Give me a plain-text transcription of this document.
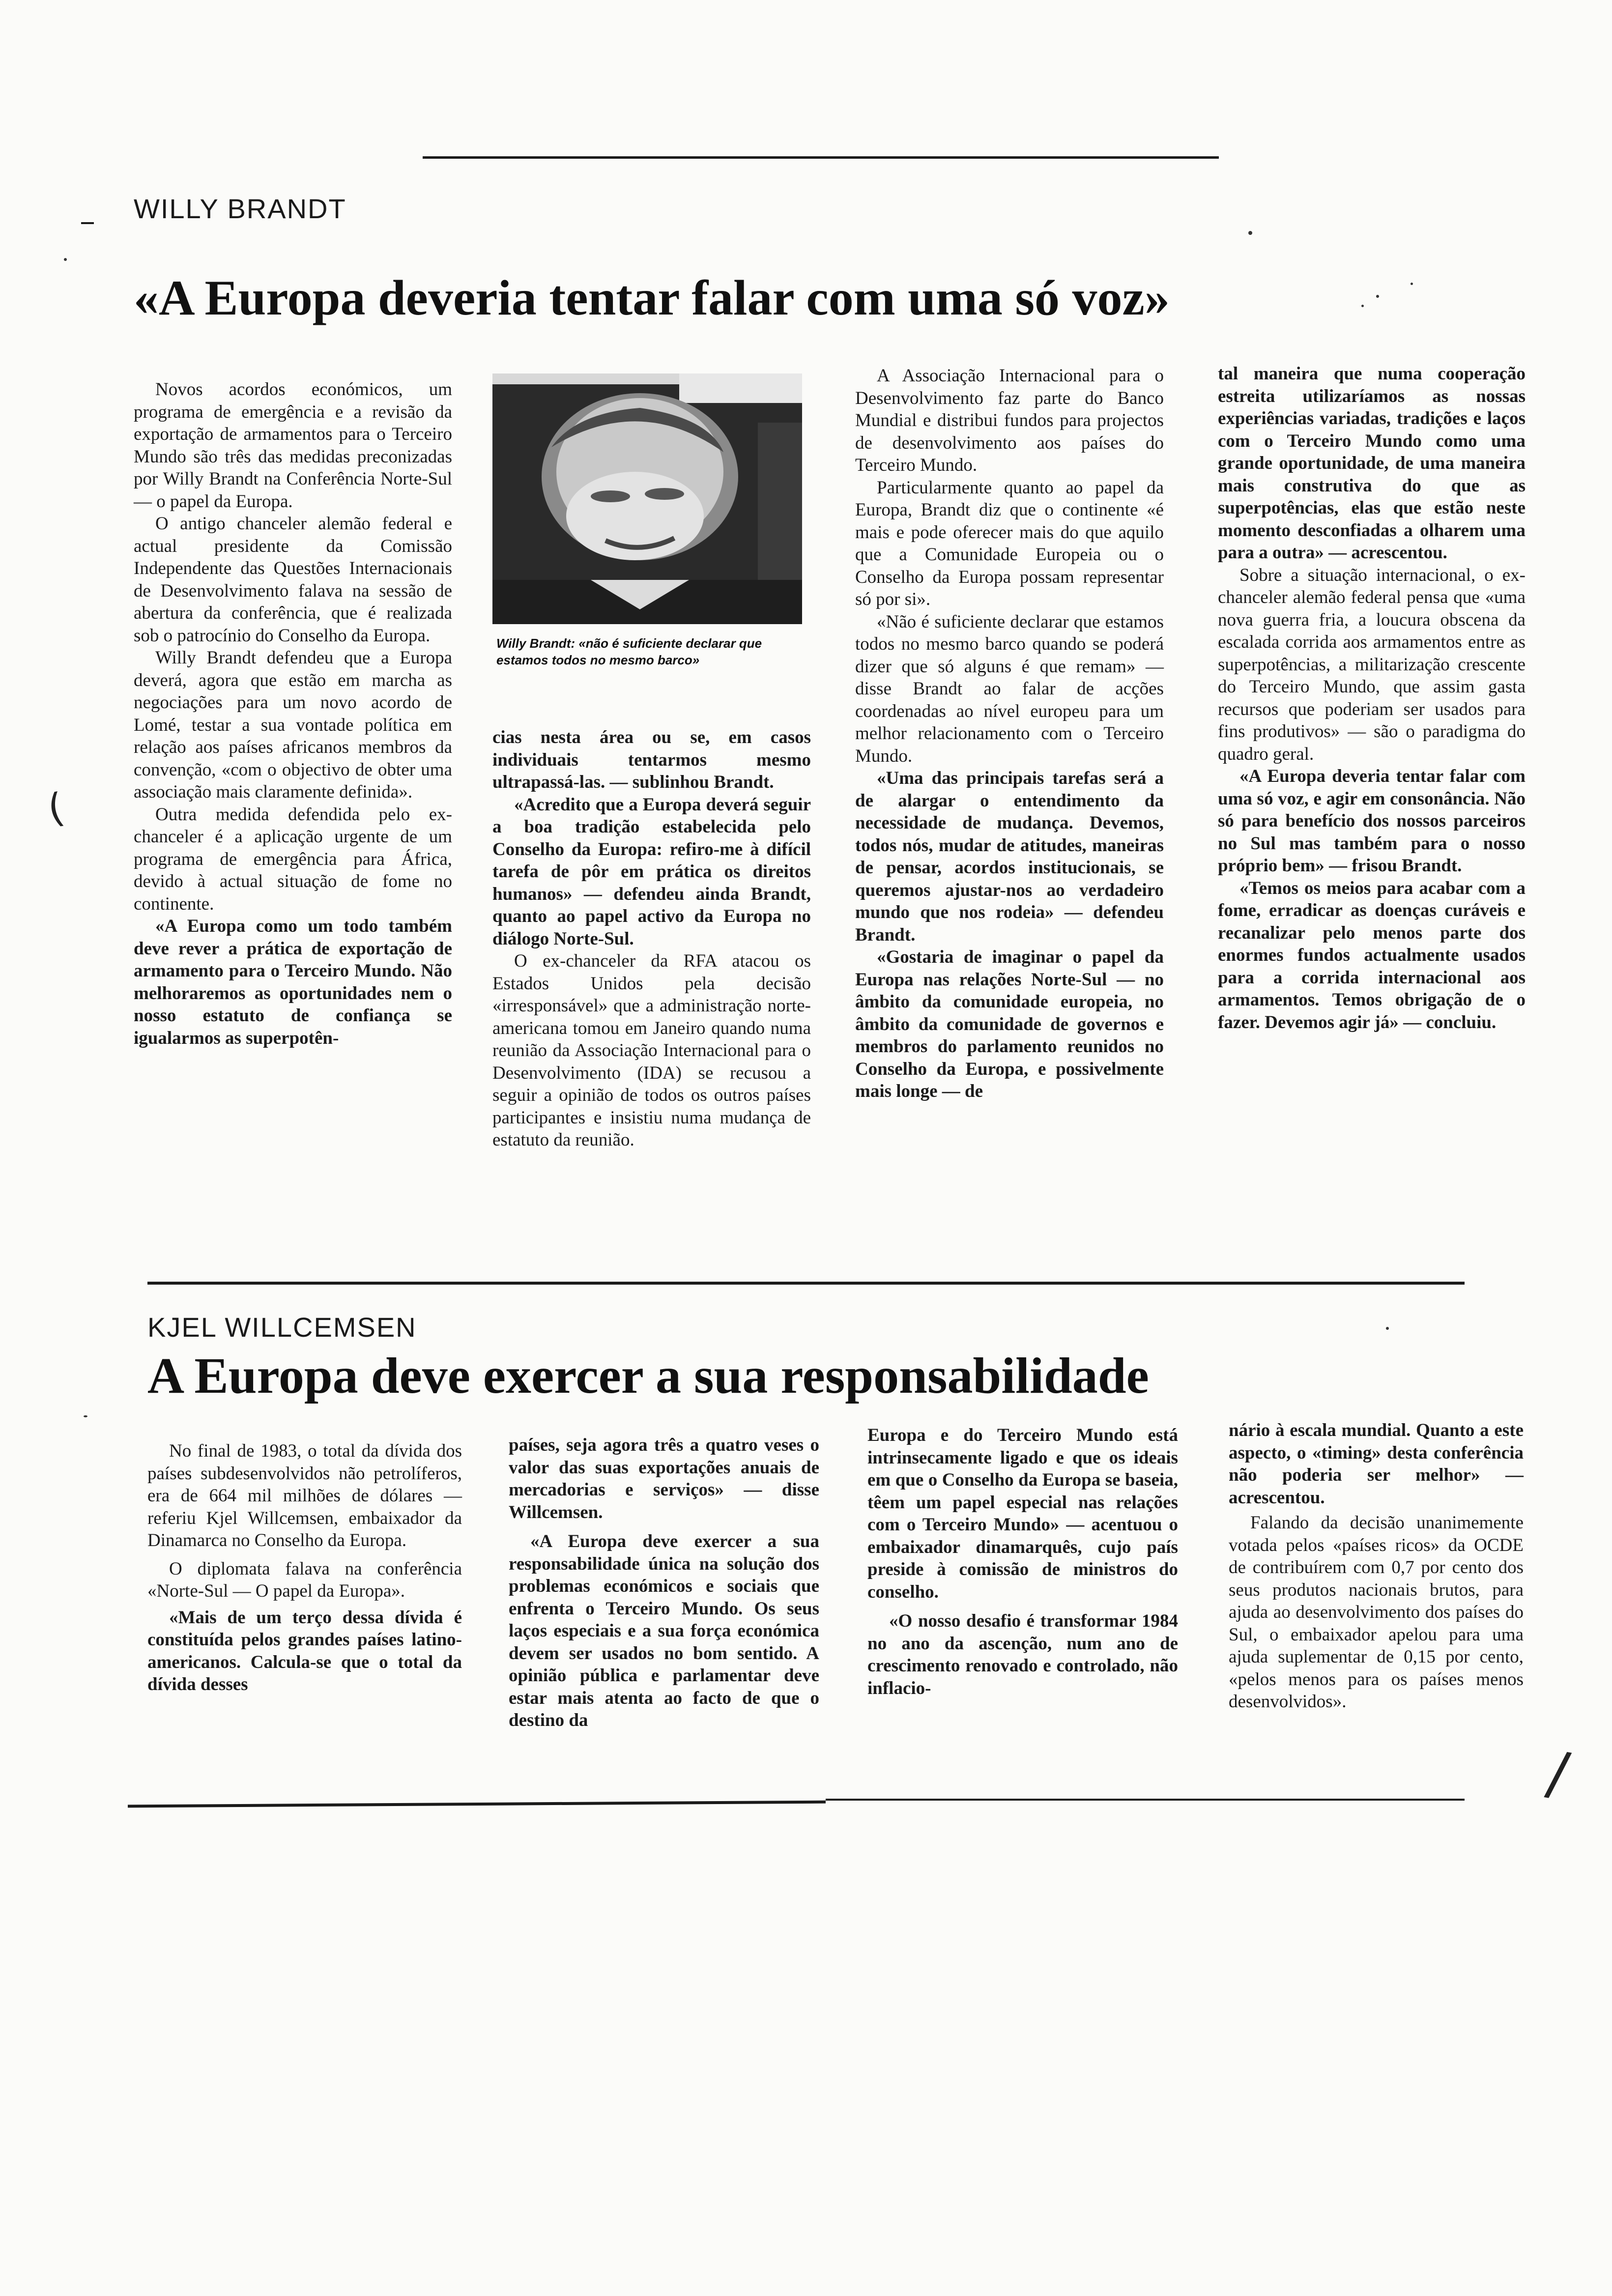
WILLY BRANDT
«A Europa deveria tentar falar com uma só voz»

Novos acordos económicos, um programa de emergência e a revisão da exportação de armamentos para o Terceiro Mundo são três das medidas preconizadas por Willy Brandt na Conferência Norte-Sul — o papel da Europa.

O antigo chanceler alemão federal e actual presidente da Comissão Independente das Questões Internacionais de Desenvolvimento falava na sessão de abertura da conferência, que é realizada sob o patrocínio do Conselho da Europa.

Willy Brandt defendeu que a Europa deverá, agora que estão em marcha as negociações para um novo acordo de Lomé, testar a sua vontade política em relação aos países africanos membros da convenção, «com o objectivo de obter uma associação mais claramente definida».

Outra medida defendida pelo ex-chanceler é a aplicação urgente de um programa de emergência para África, devido à actual situação de fome no continente.

«A Europa como um todo também deve rever a prática de exportação de armamento para o Terceiro Mundo. Não melhoraremos as oportunidades nem o nosso estatuto de confiança se igualarmos as superpotên-

Willy Brandt: «não é suficiente declarar que estamos todos no mesmo barco»

cias nesta área ou se, em casos individuais tentarmos mesmo ultrapassá-las. — sublinhou Brandt.

«Acredito que a Europa deverá seguir a boa tradição estabelecida pelo Conselho da Europa: refiro-me à difícil tarefa de pôr em prática os direitos humanos» — defendeu ainda Brandt, quanto ao papel activo da Europa no diálogo Norte-Sul.

O ex-chanceler da RFA atacou os Estados Unidos pela decisão «irresponsável» que a administração norte-americana tomou em Janeiro quando numa reunião da Associação Internacional para o Desenvolvimento (IDA) se recusou a seguir a opinião de todos os outros países participantes e insistiu numa mudança de estatuto da reunião.

A Associação Internacional para o Desenvolvimento faz parte do Banco Mundial e distribui fundos para projectos de desenvolvimento aos países do Terceiro Mundo.

Particularmente quanto ao papel da Europa, Brandt diz que o continente «é mais e pode oferecer mais do que aquilo que a Comunidade Europeia ou o Conselho da Europa possam representar só por si».

«Não é suficiente declarar que estamos todos no mesmo barco quando se poderá dizer que só alguns é que remam» — disse Brandt ao falar de acções coordenadas ao nível europeu para um melhor relacionamento com o Terceiro Mundo.

«Uma das principais tarefas será a de alargar o entendimento da necessidade de mudança. Devemos, todos nós, mudar de atitudes, maneiras de pensar, acordos institucionais, se queremos ajustar-nos ao verdadeiro mundo que nos rodeia» — defendeu Brandt.

«Gostaria de imaginar o papel da Europa nas relações Norte-Sul — no âmbito da comunidade europeia, no âmbito da comunidade de governos e membros do parlamento reunidos no Conselho da Europa, e possivelmente mais longe — de

tal maneira que numa cooperação estreita utilizaríamos as nossas experiências variadas, tradições e laços com o Terceiro Mundo como uma grande oportunidade, de uma maneira mais construtiva do que as superpotências, elas que estão neste momento desconfiadas a olharem uma para a outra» — acrescentou.

Sobre a situação internacional, o ex-chanceler alemão federal pensa que «uma nova guerra fria, a loucura obscena da escalada corrida aos armamentos entre as superpotências, a militarização crescente do Terceiro Mundo, que assim gasta recursos que poderiam ser usados para fins produtivos» — são o paradigma do quadro geral.

«A Europa deveria tentar falar com uma só voz, e agir em consonância. Não só para benefício dos nossos parceiros no Sul mas também para o nosso próprio bem» — frisou Brandt.

«Temos os meios para acabar com a fome, erradicar as doenças curáveis e recanalizar pelo menos parte dos enormes fundos actualmente usados para a corrida internacional aos armamentos. Temos obrigação de o fazer. Devemos agir já» — concluiu.

KJEL WILLCEMSEN
A Europa deve exercer a sua responsabilidade

No final de 1983, o total da dívida dos países subdesenvolvidos não petrolíferos, era de 664 mil milhões de dólares — referiu Kjel Willcemsen, embaixador da Dinamarca no Conselho da Europa.

O diplomata falava na conferência «Norte-Sul — O papel da Europa».

«Mais de um terço dessa dívida é constituída pelos grandes países latino-americanos. Calcula-se que o total da dívida desses

países, seja agora três a quatro veses o valor das suas exportações anuais de mercadorias e serviços» — disse Willcemsen.

«A Europa deve exercer a sua responsabilidade única na solução dos problemas económicos e sociais que enfrenta o Terceiro Mundo. Os seus laços especiais e a sua força económica devem ser usados no bom sentido. A opinião pública e parlamentar deve estar mais atenta ao facto de que o destino da

Europa e do Terceiro Mundo está intrinsecamente ligado e que os ideais em que o Conselho da Europa se baseia, têem um papel especial nas relações com o Terceiro Mundo» — acentuou o embaixador dinamarquês, cujo país preside à comissão de ministros do conselho.

«O nosso desafio é transformar 1984 no ano da ascenção, num ano de crescimento renovado e controlado, não inflacio-

nário à escala mundial. Quanto a este aspecto, o «timing» desta conferência não poderia ser melhor» — acrescentou.

Falando da decisão unanimemente votada pelos «países ricos» da OCDE de contribuírem com 0,7 por cento dos seus produtos nacionais brutos, para ajuda ao desenvolvimento dos países do Sul, o embaixador apelou para uma ajuda suplementar de 0,15 por cento, «pelos menos para os países menos desenvolvidos».

(
/
